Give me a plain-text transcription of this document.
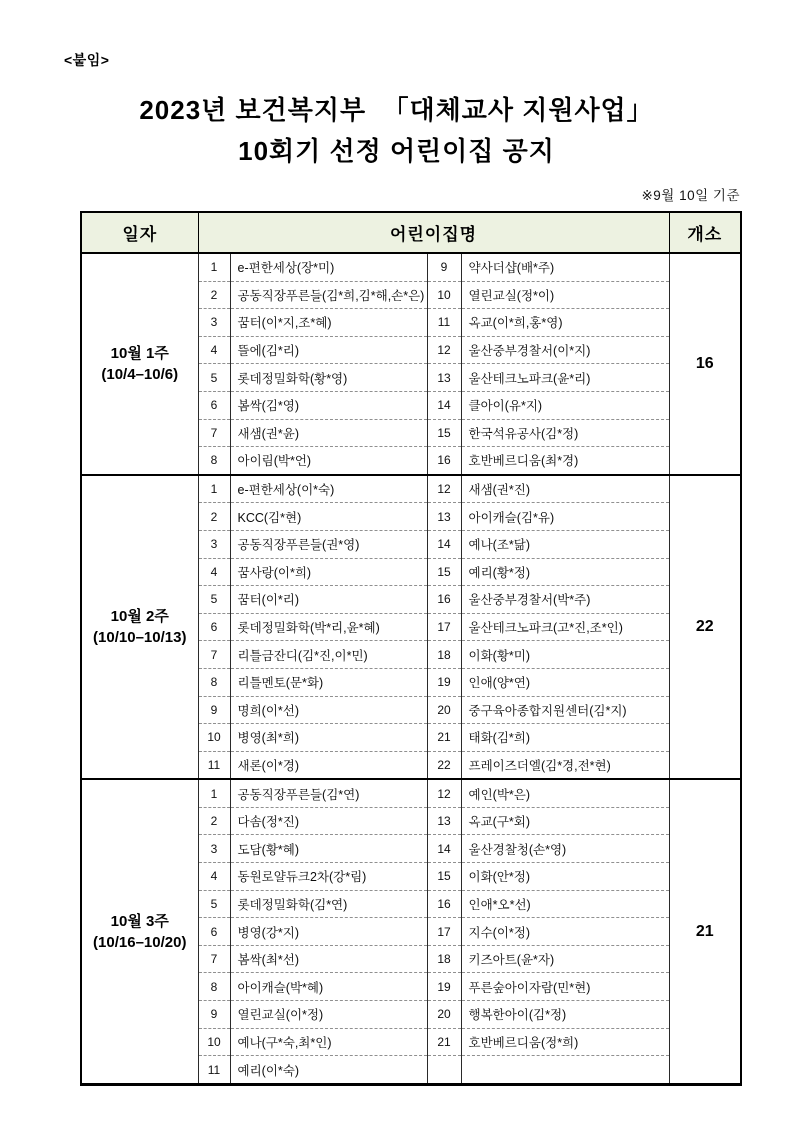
<붙임>
2023년 보건복지부  「대체교사 지원사업」
10회기 선정 어린이집 공지
※9월 10일 기준
일자	어린이집명				개소

10월 1주
(10/4–10/6)	1	e-편한세상(장*미)	9	약사더샵(배*주)	16
	2	공동직장푸른들(김*희,김*해,손*은)	10	열린교실(정*이)	
	3	꿈터(이*지,조*혜)	11	옥교(이*희,홍*영)	
	4	뜰에(김*리)	12	울산중부경찰서(이*지)	
	5	롯데정밀화학(황*영)	13	울산테크노파크(윤*리)	
	6	봄싹(김*영)	14	클아이(유*지)	
	7	새샘(권*윤)	15	한국석유공사(김*정)	
	8	아이림(박*언)	16	호반베르디움(최*경)	

10월 2주
(10/10–10/13)	1	e-편한세상(이*숙)	12	새샘(권*진)	22
	2	KCC(김*현)	13	아이캐슬(김*유)	
	3	공동직장푸른들(권*영)	14	예나(조*닮)	
	4	꿈사랑(이*희)	15	예리(황*정)	
	5	꿈터(이*리)	16	울산중부경찰서(박*주)	
	6	롯데정밀화학(박*리,윤*혜)	17	울산테크노파크(고*진,조*인)	
	7	리틀금잔디(김*진,이*민)	18	이화(황*미)	
	8	리틀멘토(문*화)	19	인애(양*연)	
	9	명희(이*선)	20	중구육아종합지원센터(김*지)	
	10	병영(최*희)	21	태화(김*희)	
	11	새론(이*경)	22	프레이즈더엘(김*경,전*현)	

10월 3주
(10/16–10/20)	1	공동직장푸른들(김*연)	12	예인(박*은)	21
	2	다솜(정*진)	13	옥교(구*회)	
	3	도담(황*혜)	14	울산경찰청(손*영)	
	4	동원로얄듀크2차(강*림)	15	이화(안*정)	
	5	롯데정밀화학(김*연)	16	인애*오*선)	
	6	병영(강*지)	17	지수(이*정)	
	7	봄싹(최*선)	18	키즈아트(윤*자)	
	8	아이캐슬(박*혜)	19	푸른숲아이자람(민*현)	
	9	열린교실(이*정)	20	행복한아이(김*정)	
	10	예나(구*숙,최*인)	21	호반베르디움(정*희)	
	11	예리(이*숙)			
